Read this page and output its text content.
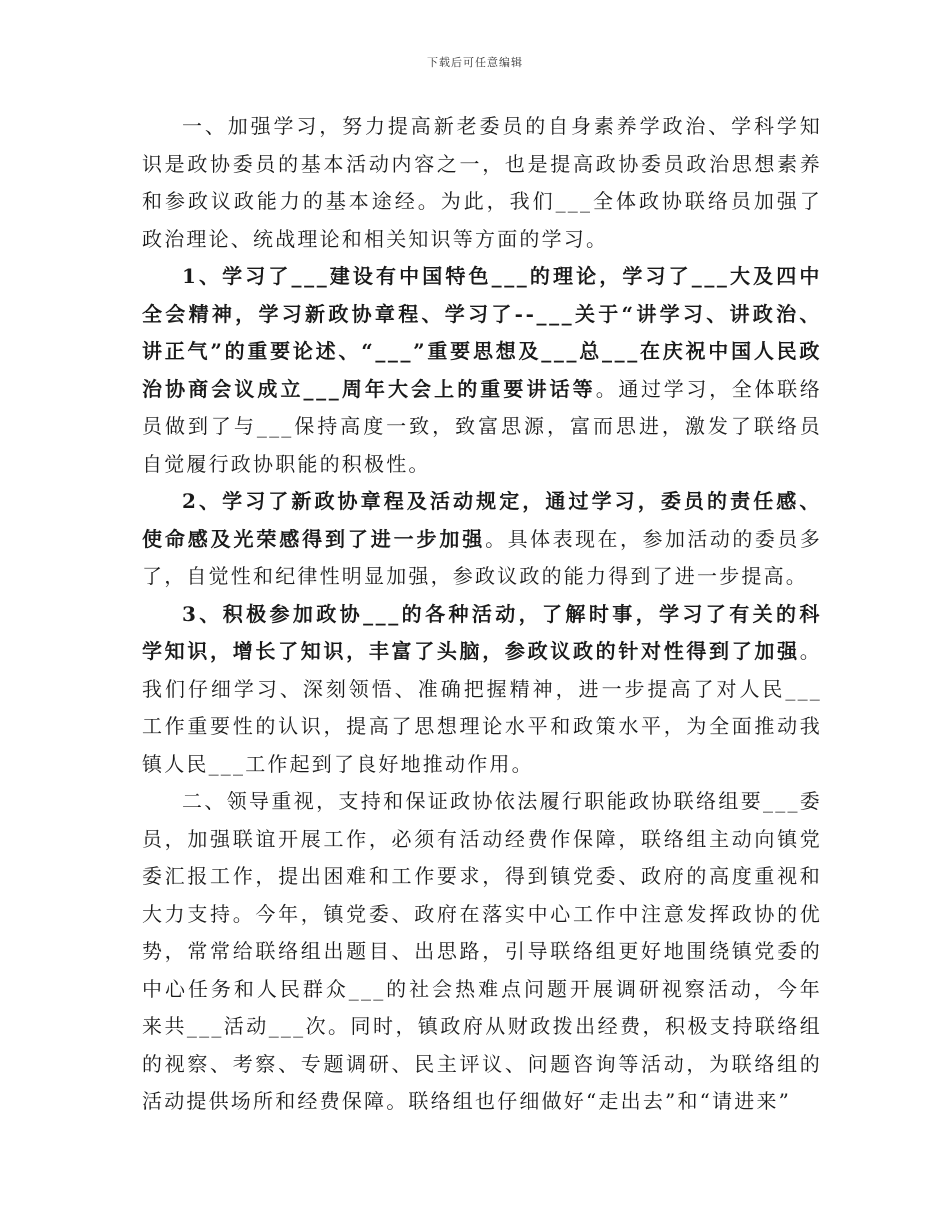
下载后可任意编辑

一、加强学习，努力提高新老委员的自身素养学政治、学科学知识是政协委员的基本活动内容之一，也是提高政协委员政治思想素养和参政议政能力的基本途经。为此，我们___全体政协联络员加强了政治理论、统战理论和相关知识等方面的学习。

1、学习了___建设有中国特色___的理论，学习了___大及四中全会精神，学习新政协章程、学习了--___关于“讲学习、讲政治、讲正气”的重要论述、“___”重要思想及___总___在庆祝中国人民政治协商会议成立___周年大会上的重要讲话等。通过学习，全体联络员做到了与___保持高度一致，致富思源，富而思进，激发了联络员自觉履行政协职能的积极性。

2、学习了新政协章程及活动规定，通过学习，委员的责任感、使命感及光荣感得到了进一步加强。具体表现在，参加活动的委员多了，自觉性和纪律性明显加强，参政议政的能力得到了进一步提高。

3、积极参加政协___的各种活动，了解时事，学习了有关的科学知识，增长了知识，丰富了头脑，参政议政的针对性得到了加强。我们仔细学习、深刻领悟、准确把握精神，进一步提高了对人民___工作重要性的认识，提高了思想理论水平和政策水平，为全面推动我镇人民___工作起到了良好地推动作用。

二、领导重视，支持和保证政协依法履行职能政协联络组要___委员，加强联谊开展工作，必须有活动经费作保障，联络组主动向镇党委汇报工作，提出困难和工作要求，得到镇党委、政府的高度重视和大力支持。今年，镇党委、政府在落实中心工作中注意发挥政协的优势，常常给联络组出题目、出思路，引导联络组更好地围绕镇党委的中心任务和人民群众___的社会热难点问题开展调研视察活动，今年来共___活动___次。同时，镇政府从财政拨出经费，积极支持联络组的视察、考察、专题调研、民主评议、问题咨询等活动，为联络组的活动提供场所和经费保障。联络组也仔细做好“走出去”和“请进来”
